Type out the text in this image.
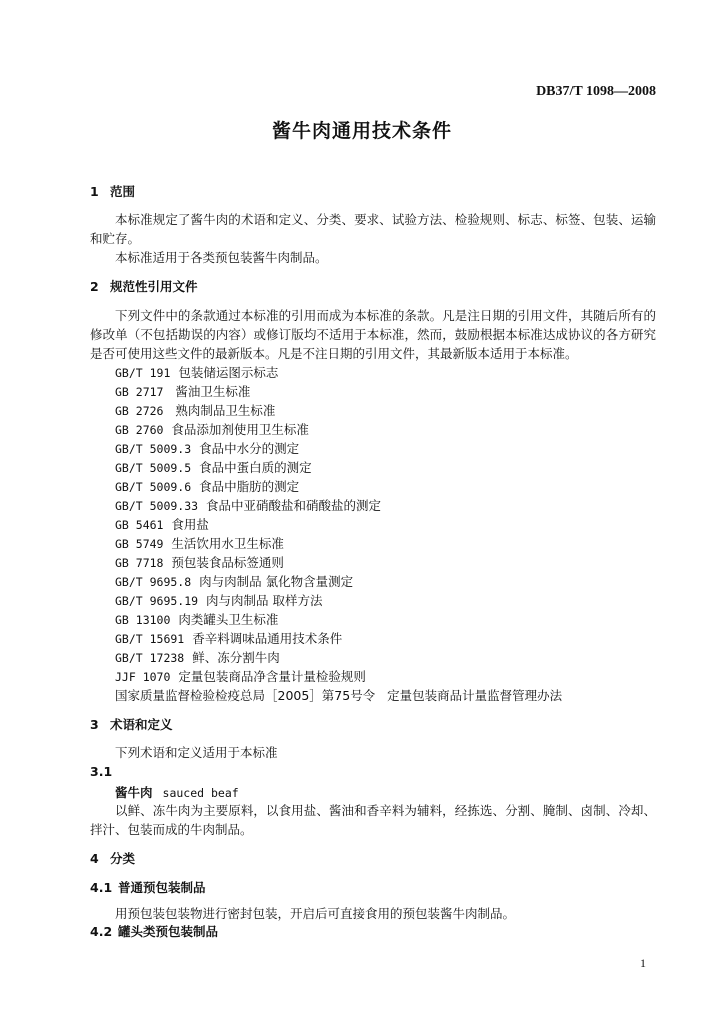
DB37/T 1098—2008
酱牛肉通用技术条件
1 范围
本标准规定了酱牛肉的术语和定义、分类、要求、试验方法、检验规则、标志、标签、包装、运输和贮存。
本标准适用于各类预包装酱牛肉制品。
2 规范性引用文件
下列文件中的条款通过本标准的引用而成为本标准的条款。凡是注日期的引用文件，其随后所有的修改单（不包括勘误的内容）或修订版均不适用于本标准，然而，鼓励根据本标准达成协议的各方研究是否可使用这些文件的最新版本。凡是不注日期的引用文件，其最新版本适用于本标准。
GB/T 191 包装储运图示标志
GB 2717 酱油卫生标准
GB 2726 熟肉制品卫生标准
GB 2760 食品添加剂使用卫生标准
GB/T 5009.3 食品中水分的测定
GB/T 5009.5 食品中蛋白质的测定
GB/T 5009.6 食品中脂肪的测定
GB/T 5009.33 食品中亚硝酸盐和硝酸盐的测定
GB 5461 食用盐
GB 5749 生活饮用水卫生标准
GB 7718 预包装食品标签通则
GB/T 9695.8 肉与肉制品 氯化物含量测定
GB/T 9695.19 肉与肉制品 取样方法
GB 13100 肉类罐头卫生标准
GB/T 15691 香辛料调味品通用技术条件
GB/T 17238 鲜、冻分割牛肉
JJF 1070 定量包装商品净含量计量检验规则
国家质量监督检验检疫总局［2005］第75号令 定量包装商品计量监督管理办法
3 术语和定义
下列术语和定义适用于本标准
3.1
酱牛肉 sauced beaf
以鲜、冻牛肉为主要原料，以食用盐、酱油和香辛料为辅料，经拣选、分割、腌制、卤制、冷却、拌汁、包装而成的牛肉制品。
4 分类
4.1 普通预包装制品
用预包装包装物进行密封包装，开启后可直接食用的预包装酱牛肉制品。
4.2 罐头类预包装制品
1
